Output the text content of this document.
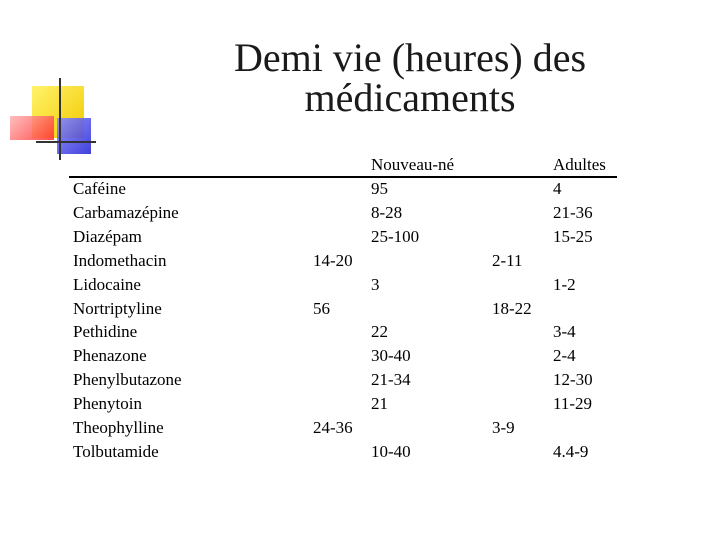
Demi vie (heures) des
médicaments
Nouveau-né	Adultes
Caféine	95	4
Carbamazépine	8-28	21-36
Diazépam	25-100	15-25
Indomethacin	14-20	2-11
Lidocaine	3	1-2
Nortriptyline	56	18-22
Pethidine	22	3-4
Phenazone	30-40	2-4
Phenylbutazone	21-34	12-30
Phenytoin	21	11-29
Theophylline	24-36	3-9
Tolbutamide	10-40	4.4-9
